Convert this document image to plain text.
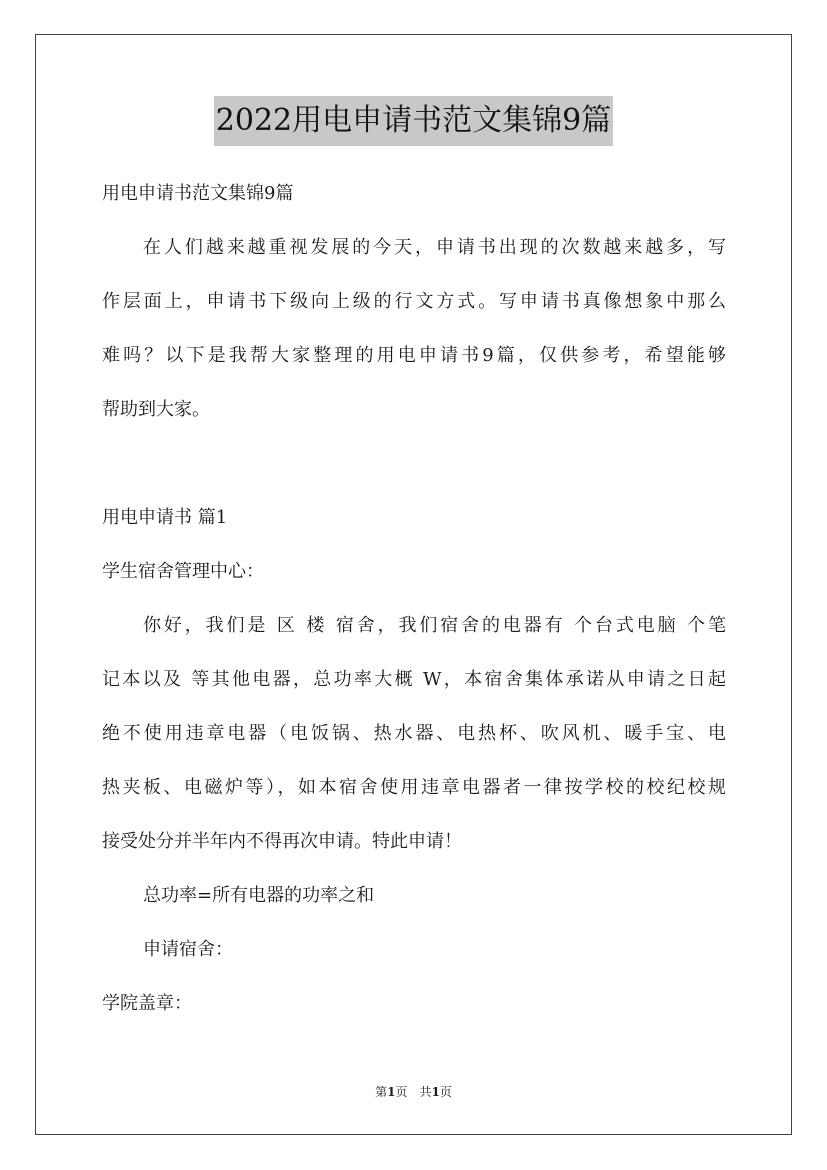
2022用电申请书范文集锦9篇
用电申请书范文集锦9篇
在人们越来越重视发展的今天，申请书出现的次数越来越多，写
作层面上，申请书下级向上级的行文方式。写申请书真像想象中那么
难吗？以下是我帮大家整理的用电申请书9篇，仅供参考，希望能够
帮助到大家。
用电申请书 篇1
学生宿舍管理中心：
你好，我们是 区 楼 宿舍，我们宿舍的电器有 个台式电脑 个笔
记本以及 等其他电器，总功率大概 W，本宿舍集体承诺从申请之日起
绝不使用违章电器（电饭锅、热水器、电热杯、吹风机、暖手宝、电
热夹板、电磁炉等），如本宿舍使用违章电器者一律按学校的校纪校规
接受处分并半年内不得再次申请。特此申请！
总功率=所有电器的功率之和
申请宿舍：
学院盖章：
第1页　共1页
